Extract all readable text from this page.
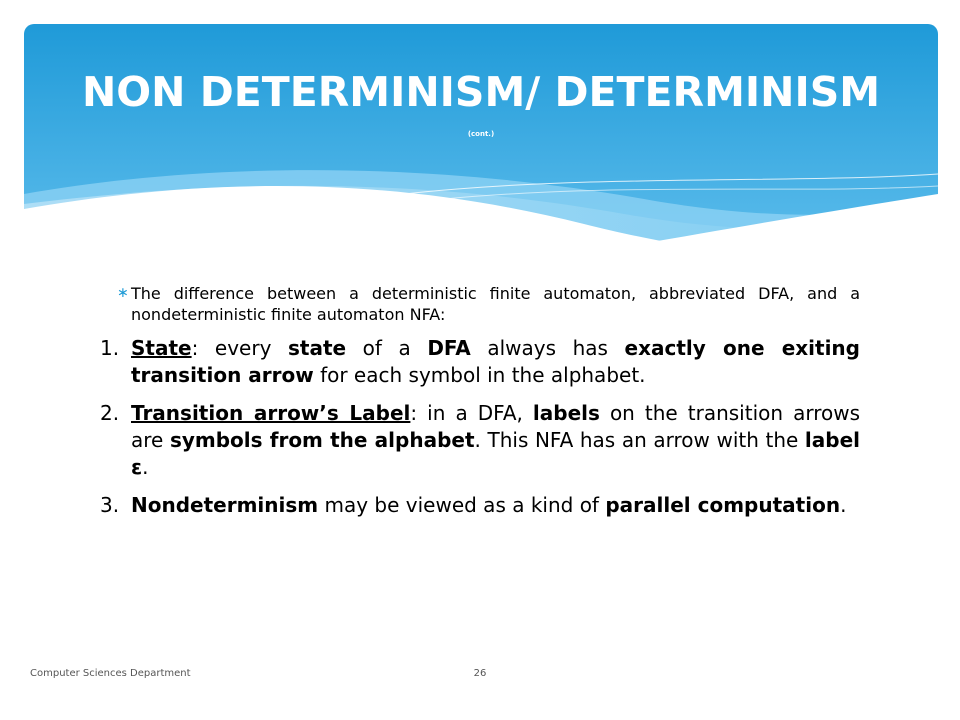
NON DETERMINISM/ DETERMINISM
(cont.)

∗ The difference between a deterministic finite automaton, abbreviated DFA, and a nondeterministic finite automaton NFA:

1. State: every state of a DFA always has exactly one exiting transition arrow for each symbol in the alphabet.

2. Transition arrow’s Label: in a DFA, labels on the transition arrows are symbols from the alphabet. This NFA has an arrow with the label ε.

3. Nondeterminism may be viewed as a kind of parallel computation.

Computer Sciences Department	26
